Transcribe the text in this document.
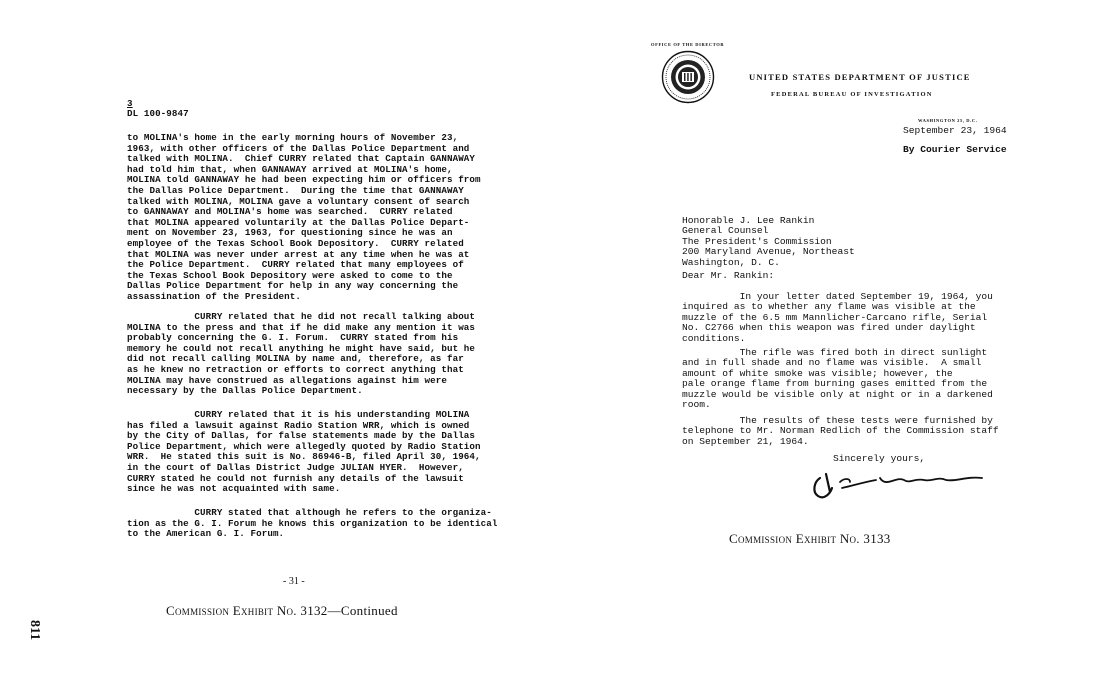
3
DL 100-9847
to MOLINA's home in the early morning hours of November 23,
1963, with other officers of the Dallas Police Department and
talked with MOLINA.  Chief CURRY related that Captain GANNAWAY
had told him that, when GANNAWAY arrived at MOLINA's home,
MOLINA told GANNAWAY he had been expecting him or officers from
the Dallas Police Department.  During the time that GANNAWAY
talked with MOLINA, MOLINA gave a voluntary consent of search
to GANNAWAY and MOLINA's home was searched.  CURRY related
that MOLINA appeared voluntarily at the Dallas Police Depart-
ment on November 23, 1963, for questioning since he was an
employee of the Texas School Book Depository.  CURRY related
that MOLINA was never under arrest at any time when he was at
the Police Department.  CURRY related that many employees of
the Texas School Book Depository were asked to come to the
Dallas Police Department for help in any way concerning the
assassination of the President.
CURRY related that he did not recall talking about
MOLINA to the press and that if he did make any mention it was
probably concerning the G. I. Forum.  CURRY stated from his
memory he could not recall anything he might have said, but he
did not recall calling MOLINA by name and, therefore, as far
as he knew no retraction or efforts to correct anything that
MOLINA may have construed as allegations against him were
necessary by the Dallas Police Department.
CURRY related that it is his understanding MOLINA
has filed a lawsuit against Radio Station WRR, which is owned
by the City of Dallas, for false statements made by the Dallas
Police Department, which were allegedly quoted by Radio Station
WRR.  He stated this suit is No. 86946-B, filed April 30, 1964,
in the court of Dallas District Judge JULIAN HYER.  However,
CURRY stated he could not furnish any details of the lawsuit
since he was not acquainted with same.
CURRY stated that although he refers to the organiza-
tion as the G. I. Forum he knows this organization to be identical
to the American G. I. Forum.
- 31 -
Commission Exhibit No. 3132—Continued
811
OFFICE OF THE DIRECTOR
UNITED STATES DEPARTMENT OF JUSTICE
FEDERAL BUREAU OF INVESTIGATION
WASHINGTON 25, D.C.
September 23, 1964
By Courier Service
Honorable J. Lee Rankin
General Counsel
The President's Commission
200 Maryland Avenue, Northeast
Washington, D. C.
Dear Mr. Rankin:
In your letter dated September 19, 1964, you
inquired as to whether any flame was visible at the
muzzle of the 6.5 mm Mannlicher-Carcano rifle, Serial
No. C2766 when this weapon was fired under daylight
conditions.
The rifle was fired both in direct sunlight
and in full shade and no flame was visible.  A small
amount of white smoke was visible; however, the
pale orange flame from burning gases emitted from the
muzzle would be visible only at night or in a darkened
room.
The results of these tests were furnished by
telephone to Mr. Norman Redlich of the Commission staff
on September 21, 1964.
Sincerely yours,
Commission Exhibit No. 3133
